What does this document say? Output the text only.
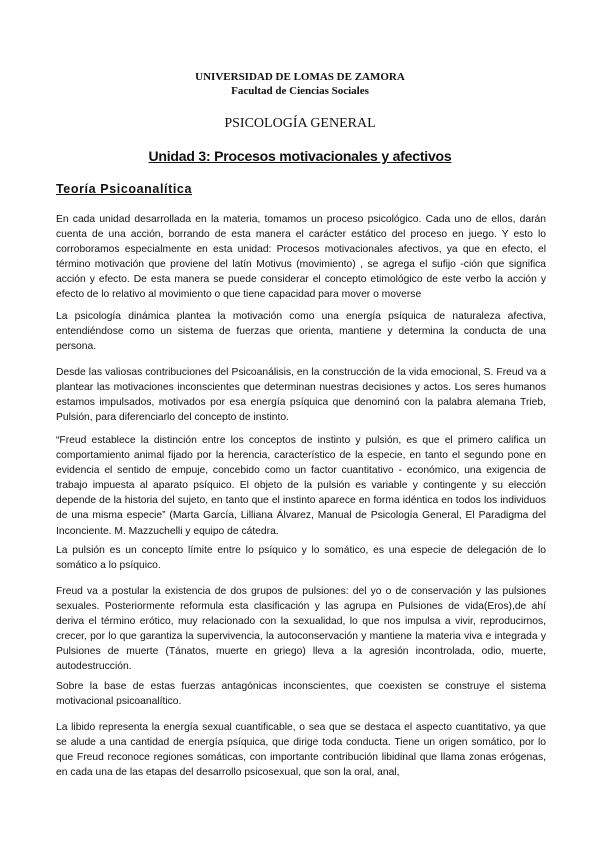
UNIVERSIDAD DE LOMAS DE ZAMORA
Facultad de Ciencias Sociales
PSICOLOGÍA GENERAL
Unidad 3: Procesos motivacionales y afectivos
Teoría Psicoanalítica

En cada unidad desarrollada en la materia, tomamos un proceso psicológico. Cada uno de ellos, darán cuenta de una acción, borrando de esta manera el carácter estático del proceso en juego. Y esto lo corroboramos especialmente en esta unidad: Procesos motivacionales afectivos, ya que en efecto, el término motivación que proviene del latín Motivus (movimiento) , se agrega el sufijo -ción que significa acción y efecto. De esta manera se puede considerar el concepto etimológico de este verbo la acción y efecto de lo relativo al movimiento o que tiene capacidad para mover o moverse

La psicología dinámica plantea la motivación como una energía psíquica de naturaleza afectiva, entendiéndose como un sistema de fuerzas que orienta, mantiene y determina la conducta de una persona.

Desde las valiosas contribuciones del Psicoanálisis, en la construcción de la vida emocional, S. Freud va a plantear las motivaciones inconscientes que determinan nuestras decisiones y actos. Los seres humanos estamos impulsados, motivados por esa energía psíquica que denominó con la palabra alemana Trieb, Pulsión, para diferenciarlo del concepto de instinto.

“Freud establece la distinción entre los conceptos de instinto y pulsión, es que el primero califica un comportamiento animal fijado por la herencia, característico de la especie, en tanto el segundo pone en evidencia el sentido de empuje, concebido como un factor cuantitativo - económico, una exigencia de trabajo impuesta al aparato psíquico. El objeto de la pulsión es variable y contingente y su elección depende de la historia del sujeto, en tanto que el instinto aparece en forma idéntica en todos los individuos de una misma especie” (Marta García, Lilliana Álvarez, Manual de Psicología General, El Paradigma del Inconciente. M. Mazzuchelli y equipo de cátedra.

La pulsión es un concepto límite entre lo psíquico y lo somático, es una especie de delegación de lo somático a lo psíquico.

Freud va a postular la existencia de dos grupos de pulsiones: del yo o de conservación y las pulsiones sexuales. Posteriormente reformula esta clasificación y las agrupa en Pulsiones de vida(Eros),de ahí deriva el término erótico, muy relacionado con la sexualidad, lo que nos impulsa a vivir, reproducirnos, crecer, por lo que garantiza la supervivencia, la autoconservación y mantiene la materia viva e integrada y Pulsiones de muerte (Tánatos, muerte en griego) lleva a la agresión incontrolada, odio, muerte, autodestrucción.

Sobre la base de estas fuerzas antagónicas inconscientes, que coexisten se construye el sistema motivacional psicoanalítico.

La libido representa la energía sexual cuantificable, o sea que se destaca el aspecto cuantitativo, ya que se alude a una cantidad de energía psíquica, que dirige toda conducta. Tiene un origen somático, por lo que Freud reconoce regiones somáticas, con importante contribución libidinal que llama zonas erógenas, en cada una de las etapas del desarrollo psicosexual, que son la oral, anal,
